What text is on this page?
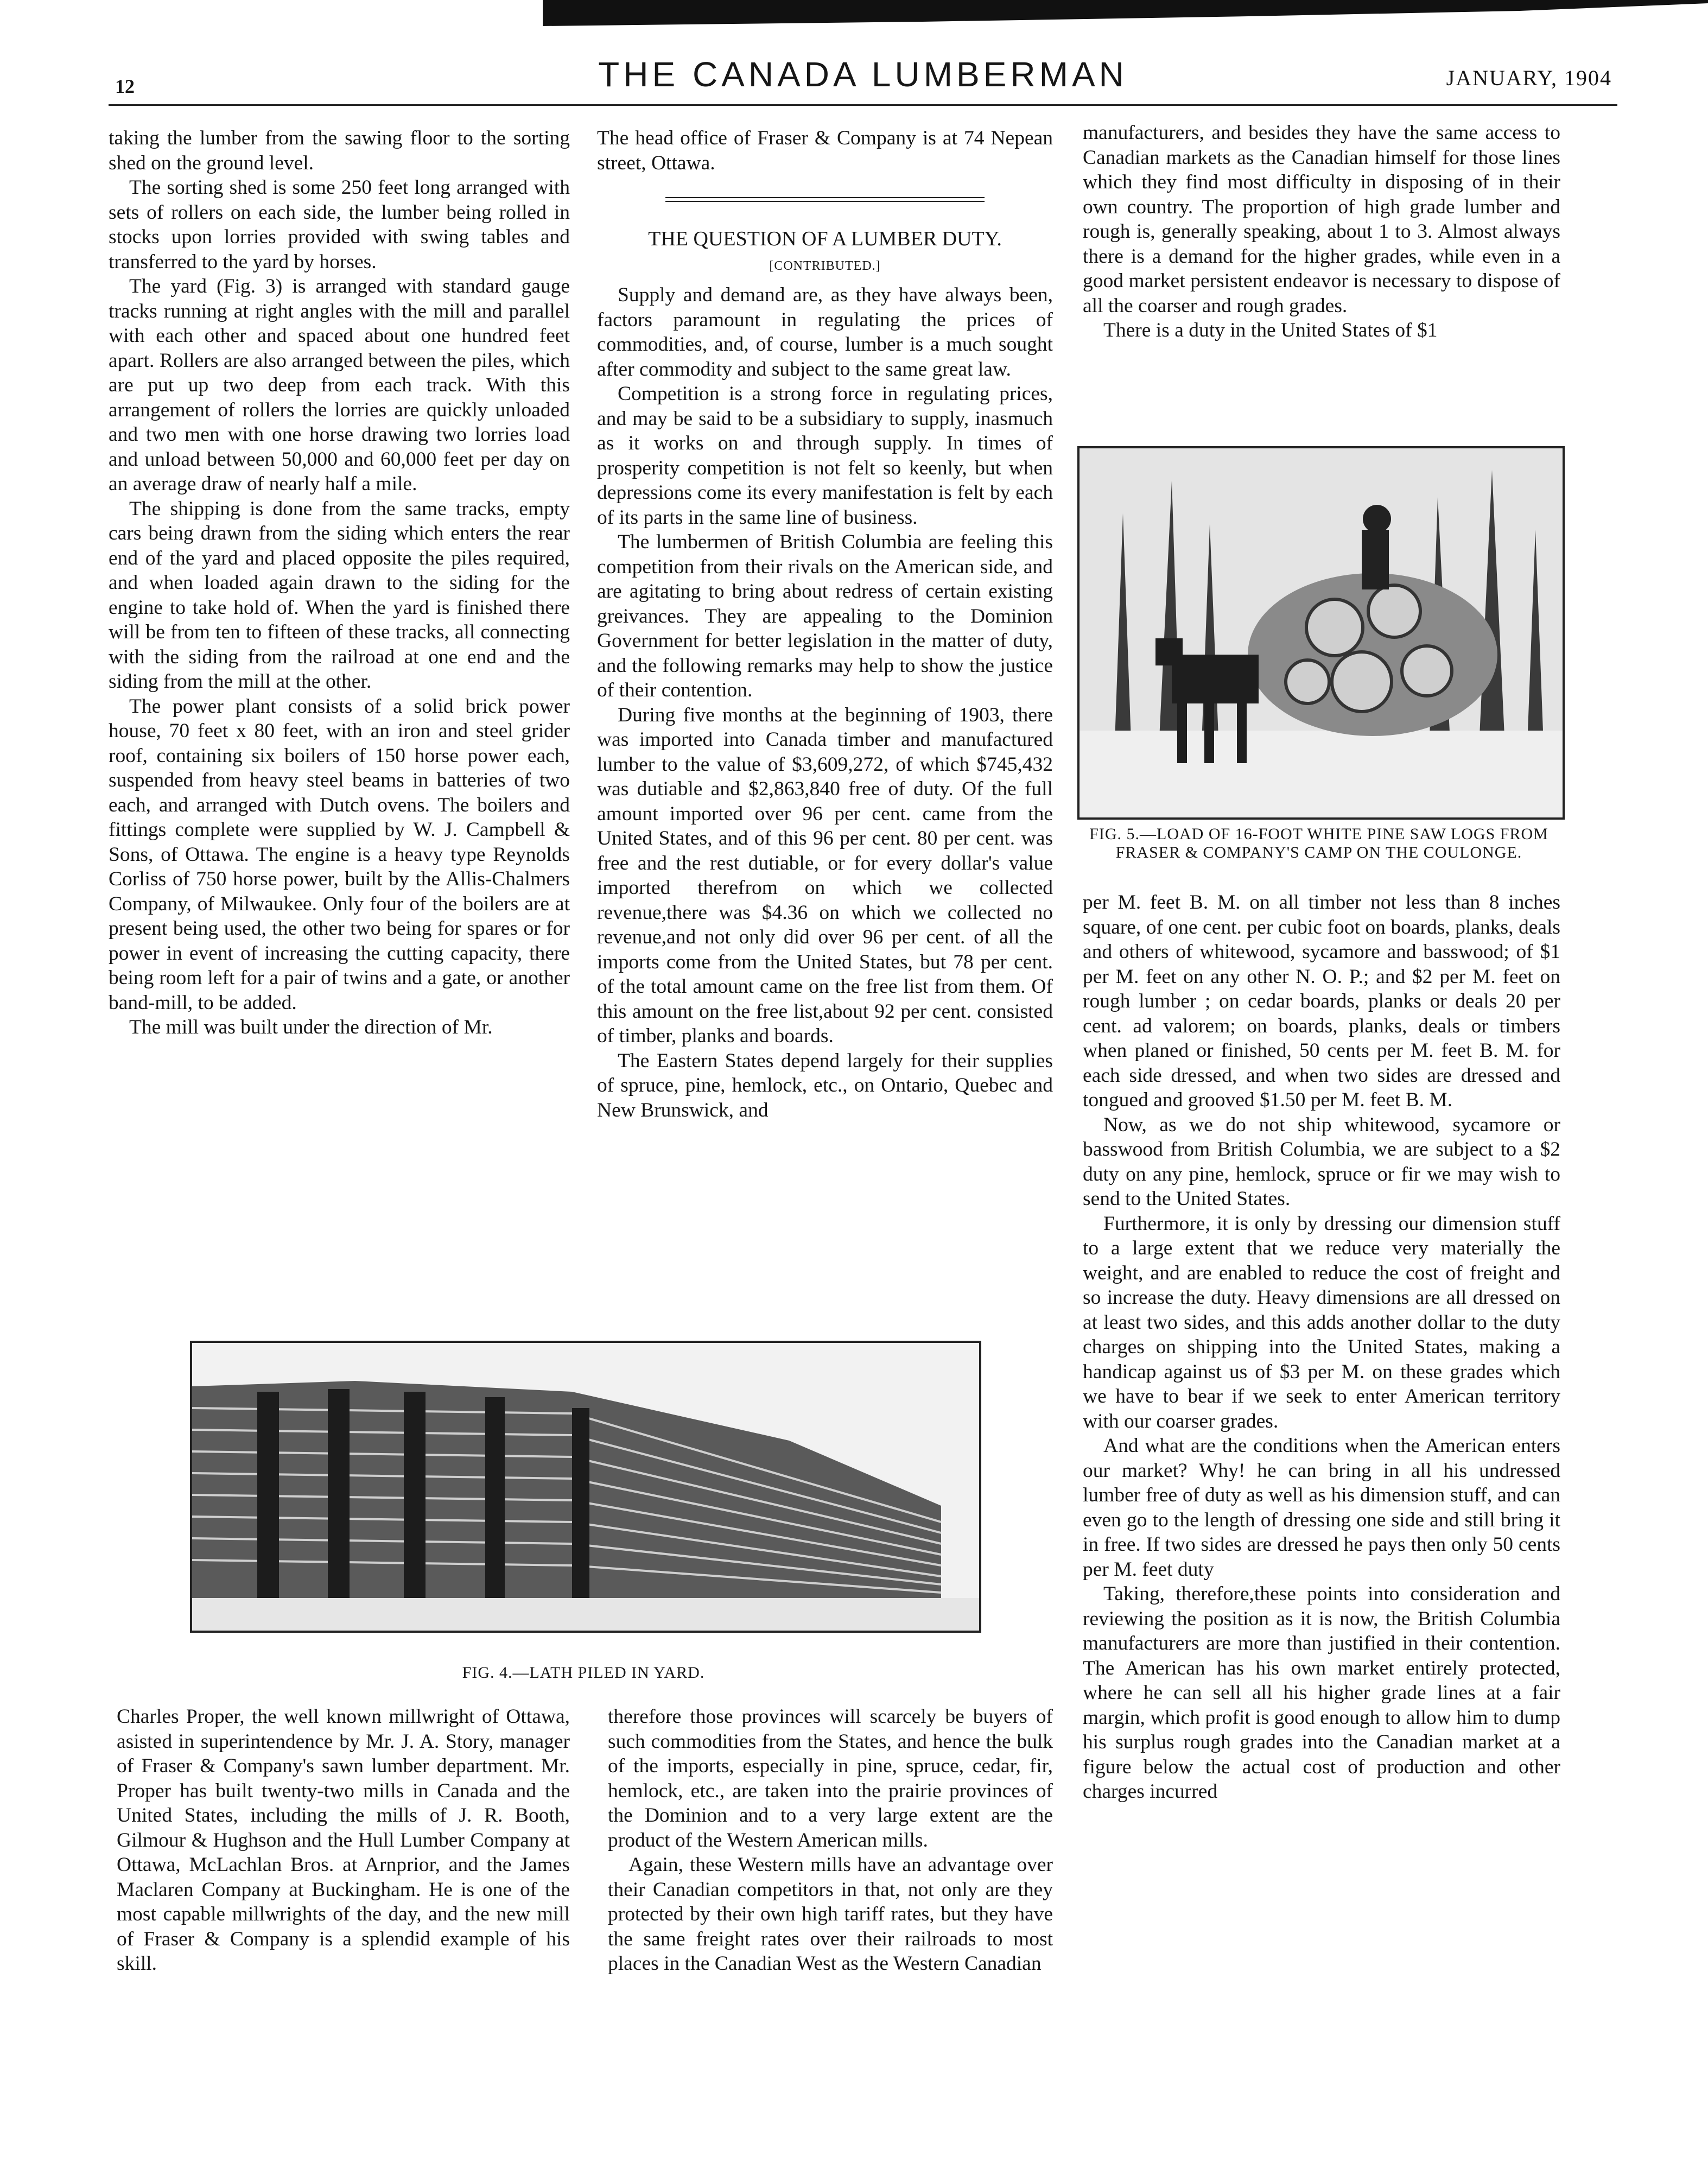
12	THE CANADA LUMBERMAN	JANUARY, 1904

taking the lumber from the sawing floor to the sorting shed on the ground level.

The sorting shed is some 250 feet long arranged with sets of rollers on each side, the lumber being rolled in stocks upon lorries provided with swing tables and transferred to the yard by horses.

The yard (Fig. 3) is arranged with standard gauge tracks running at right angles with the mill and parallel with each other and spaced about one hundred feet apart. Rollers are also arranged between the piles, which are put up two deep from each track. With this arrangement of rollers the lorries are quickly unloaded and two men with one horse drawing two lorries load and unload between 50,000 and 60,000 feet per day on an average draw of nearly half a mile.

The shipping is done from the same tracks, empty cars being drawn from the siding which enters the rear end of the yard and placed opposite the piles required, and when loaded again drawn to the siding for the engine to take hold of. When the yard is finished there will be from ten to fifteen of these tracks, all connecting with the siding from the railroad at one end and the siding from the mill at the other.

The power plant consists of a solid brick power house, 70 feet x 80 feet, with an iron and steel grider roof, containing six boilers of 150 horse power each, suspended from heavy steel beams in batteries of two each, and arranged with Dutch ovens. The boilers and fittings complete were supplied by W. J. Campbell & Sons, of Ottawa. The engine is a heavy type Reynolds Corliss of 750 horse power, built by the Allis-Chalmers Company, of Milwaukee. Only four of the boilers are at present being used, the other two being for spares or for power in event of increasing the cutting capacity, there being room left for a pair of twins and a gate, or another band-mill, to be added.

The mill was built under the direction of Mr.

The head office of Fraser & Company is at 74 Nepean street, Ottawa.

THE QUESTION OF A LUMBER DUTY.
[CONTRIBUTED.]

Supply and demand are, as they have always been, factors paramount in regulating the prices of commodities, and, of course, lumber is a much sought after commodity and subject to the same great law.

Competition is a strong force in regulating prices, and may be said to be a subsidiary to supply, inasmuch as it works on and through supply. In times of prosperity competition is not felt so keenly, but when depressions come its every manifestation is felt by each of its parts in the same line of business.

The lumbermen of British Columbia are feeling this competition from their rivals on the American side, and are agitating to bring about redress of certain existing greivances. They are appealing to the Dominion Government for better legislation in the matter of duty, and the following remarks may help to show the justice of their contention.

During five months at the beginning of 1903, there was imported into Canada timber and manufactured lumber to the value of $3,609,272, of which $745,432 was dutiable and $2,863,840 free of duty. Of the full amount imported over 96 per cent. came from the United States, and of this 96 per cent. 80 per cent. was free and the rest dutiable, or for every dollar's value imported therefrom on which we collected revenue,there was $4.36 on which we collected no revenue,and not only did over 96 per cent. of all the imports come from the United States, but 78 per cent. of the total amount came on the free list from them. Of this amount on the free list,about 92 per cent. consisted of timber, planks and boards.

The Eastern States depend largely for their supplies of spruce, pine, hemlock, etc., on Ontario, Quebec and New Brunswick, and

manufacturers, and besides they have the same access to Canadian markets as the Canadian himself for those lines which they find most difficulty in disposing of in their own country. The proportion of high grade lumber and rough is, generally speaking, about 1 to 3. Almost always there is a demand for the higher grades, while even in a good market persistent endeavor is necessary to dispose of all the coarser and rough grades.

There is a duty in the United States of $1

FIG. 5.—LOAD OF 16-FOOT WHITE PINE SAW LOGS FROM FRASER & COMPANY'S CAMP ON THE COULONGE.

per M. feet B. M. on all timber not less than 8 inches square, of one cent. per cubic foot on boards, planks, deals and others of whitewood, sycamore and basswood; of $1 per M. feet on any other N. O. P.; and $2 per M. feet on rough lumber ; on cedar boards, planks or deals 20 per cent. ad valorem; on boards, planks, deals or timbers when planed or finished, 50 cents per M. feet B. M. for each side dressed, and when two sides are dressed and tongued and grooved $1.50 per M. feet B. M.

Now, as we do not ship whitewood, sycamore or basswood from British Columbia, we are subject to a $2 duty on any pine, hemlock, spruce or fir we may wish to send to the United States.

Furthermore, it is only by dressing our dimension stuff to a large extent that we reduce very materially the weight, and are enabled to reduce the cost of freight and so increase the duty. Heavy dimensions are all dressed on at least two sides, and this adds another dollar to the duty charges on shipping into the United States, making a handicap against us of $3 per M. on these grades which we have to bear if we seek to enter American territory with our coarser grades.

And what are the conditions when the American enters our market? Why! he can bring in all his undressed lumber free of duty as well as his dimension stuff, and can even go to the length of dressing one side and still bring it in free. If two sides are dressed he pays then only 50 cents per M. feet duty

Taking, therefore,these points into consideration and reviewing the position as it is now, the British Columbia manufacturers are more than justified in their contention. The American has his own market entirely protected, where he can sell all his higher grade lines at a fair margin, which profit is good enough to allow him to dump his surplus rough grades into the Canadian market at a figure below the actual cost of production and other charges incurred

FIG. 4.—LATH PILED IN YARD.

Charles Proper, the well known millwright of Ottawa, asisted in superintendence by Mr. J. A. Story, manager of Fraser & Company's sawn lumber department. Mr. Proper has built twenty-two mills in Canada and the United States, including the mills of J. R. Booth, Gilmour & Hughson and the Hull Lumber Company at Ottawa, McLachlan Bros. at Arnprior, and the James Maclaren Company at Buckingham. He is one of the most capable millwrights of the day, and the new mill of Fraser & Company is a splendid example of his skill.

therefore those provinces will scarcely be buyers of such commodities from the States, and hence the bulk of the imports, especially in pine, spruce, cedar, fir, hemlock, etc., are taken into the prairie provinces of the Dominion and to a very large extent are the product of the Western American mills.

Again, these Western mills have an advantage over their Canadian competitors in that, not only are they protected by their own high tariff rates, but they have the same freight rates over their railroads to most places in the Canadian West as the Western Canadian
